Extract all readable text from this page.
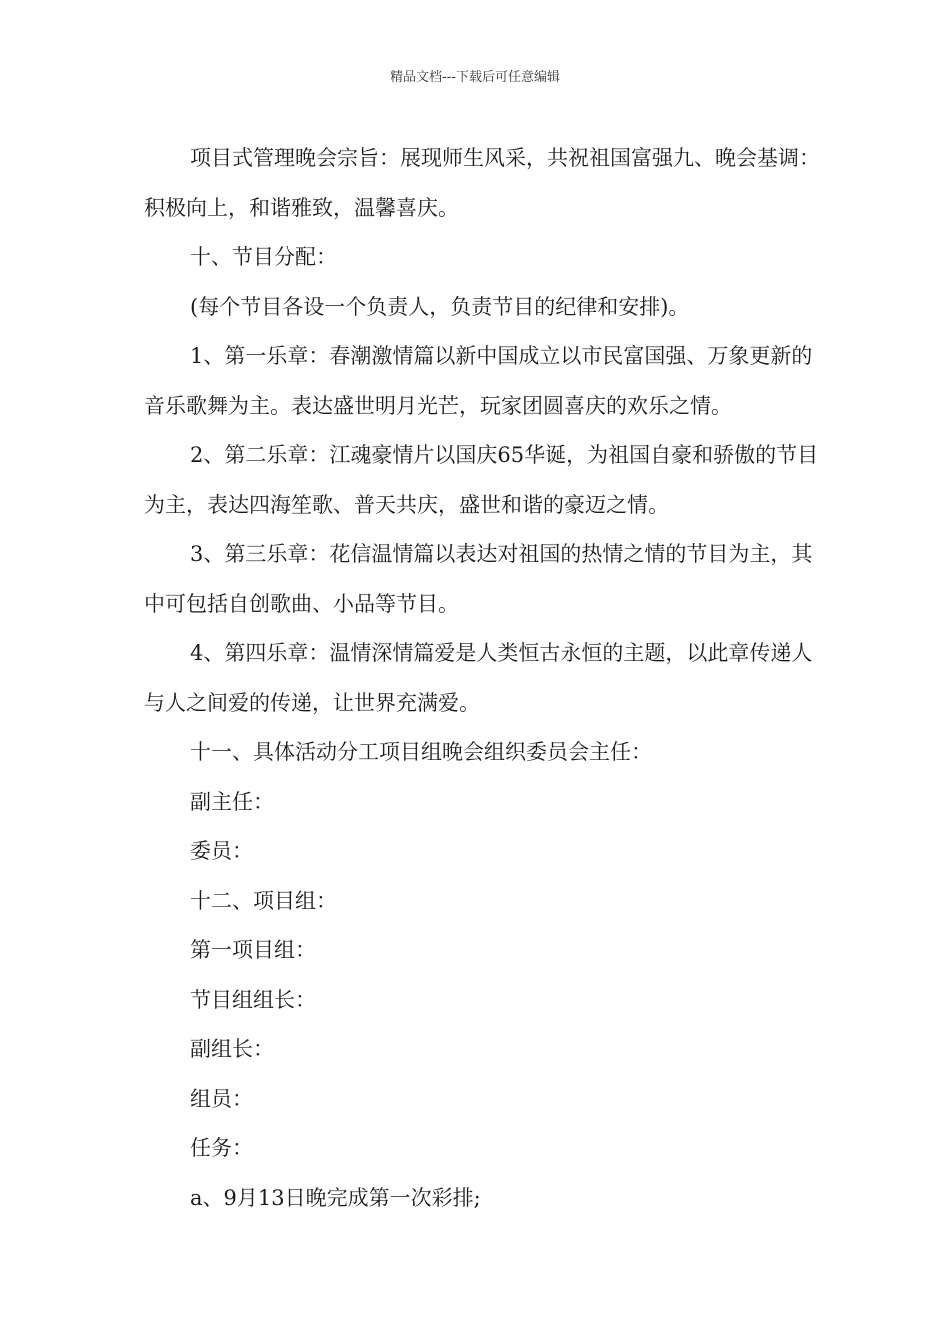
精品文档---下载后可任意编辑

项目式管理晚会宗旨：展现师生风采，共祝祖国富强九、晚会基调：积极向上，和谐雅致，温馨喜庆。

十、节目分配：

(每个节目各设一个负责人，负责节目的纪律和安排)。

1、第一乐章：春潮激情篇以新中国成立以市民富国强、万象更新的音乐歌舞为主。表达盛世明月光芒，玩家团圆喜庆的欢乐之情。

2、第二乐章：江魂豪情片以国庆65华诞，为祖国自豪和骄傲的节目为主，表达四海笙歌、普天共庆，盛世和谐的豪迈之情。

3、第三乐章：花信温情篇以表达对祖国的热情之情的节目为主，其中可包括自创歌曲、小品等节目。

4、第四乐章：温情深情篇爱是人类恒古永恒的主题，以此章传递人与人之间爱的传递，让世界充满爱。

十一、具体活动分工项目组晚会组织委员会主任：

副主任：

委员：

十二、项目组：

第一项目组：

节目组组长：

副组长：

组员：

任务：

a、9月13日晚完成第一次彩排;
